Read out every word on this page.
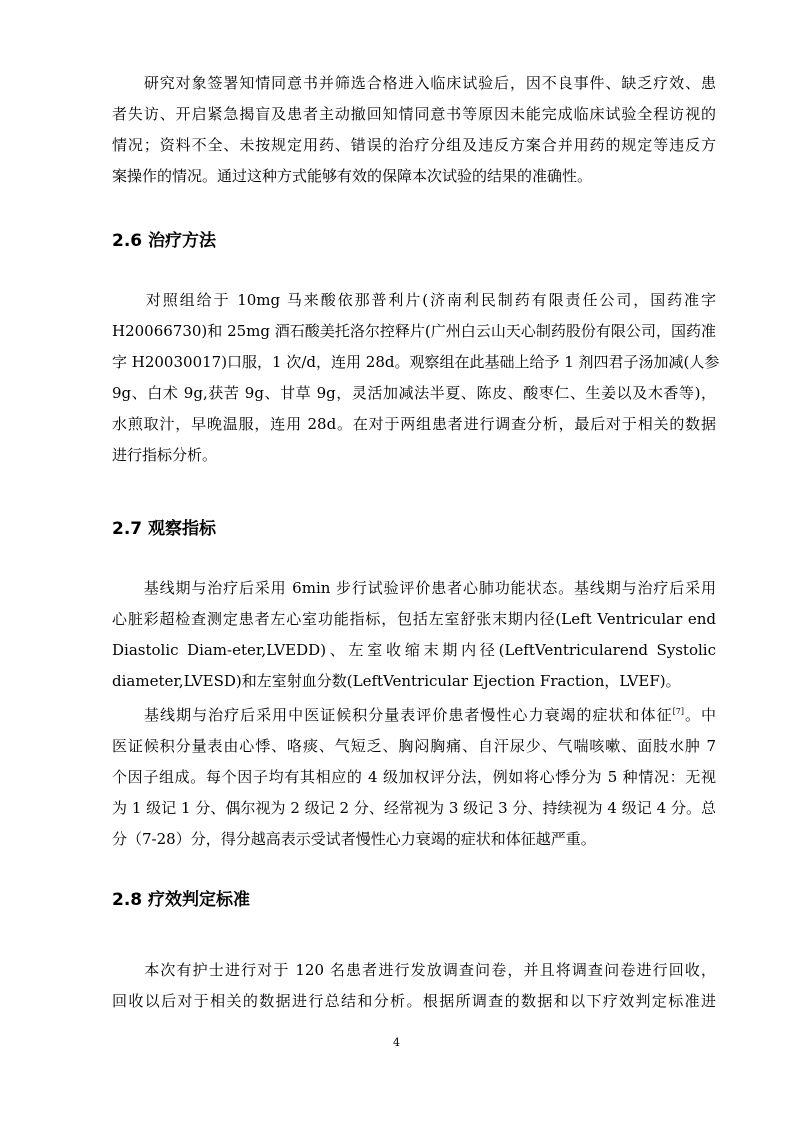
　　研究对象签署知情同意书并筛选合格进入临床试验后，因不良事件、缺乏疗效、患
者失访、开启紧急揭盲及患者主动撤回知情同意书等原因未能完成临床试验全程访视的
情况；资料不全、未按规定用药、错误的治疗分组及违反方案合并用药的规定等违反方
案操作的情况。通过这种方式能够有效的保障本次试验的结果的准确性。
2.6 治疗方法
　　对照组给于 10mg 马来酸依那普利片(济南利民制药有限责任公司，国药准字
H20066730)和 25mg 酒石酸美托洛尔控释片(广州白云山天心制药股份有限公司，国药准
字 H20030017)口服，1 次/d，连用 28d。观察组在此基础上给予 1 剂四君子汤加减(人参
9g、白术 9g,获苦 9g、甘草 9g，灵活加减法半夏、陈皮、酸枣仁、生姜以及木香等)，
水煎取汁，早晚温服，连用 28d。在对于两组患者进行调查分析，最后对于相关的数据
进行指标分析。
2.7 观察指标
　　基线期与治疗后采用 6min 步行试验评价患者心肺功能状态。基线期与治疗后采用
心脏彩超检查测定患者左心室功能指标，包括左室舒张末期内径(Left Ventricular end
Diastolic Diam-eter,LVEDD)、左室收缩末期内径(LeftVentricularend Systolic
diameter,LVESD)和左室射血分数(LeftVentricular Ejection Fraction，LVEF)。
　　基线期与治疗后采用中医证候积分量表评价患者慢性心力衰竭的症状和体征[7]。中
医证候积分量表由心悸、咯痰、气短乏、胸闷胸痛、自汗尿少、气喘咳嗽、面肢水肿 7
个因子组成。每个因子均有其相应的 4 级加权评分法，例如将心悸分为 5 种情况：无视
为 1 级记 1 分、偶尔视为 2 级记 2 分、经常视为 3 级记 3 分、持续视为 4 级记 4 分。总
分（7-28）分，得分越高表示受试者慢性心力衰竭的症状和体征越严重。
2.8 疗效判定标准
　　本次有护士进行对于 120 名患者进行发放调查问卷，并且将调查问卷进行回收，
回收以后对于相关的数据进行总结和分析。根据所调查的数据和以下疗效判定标准进
4
